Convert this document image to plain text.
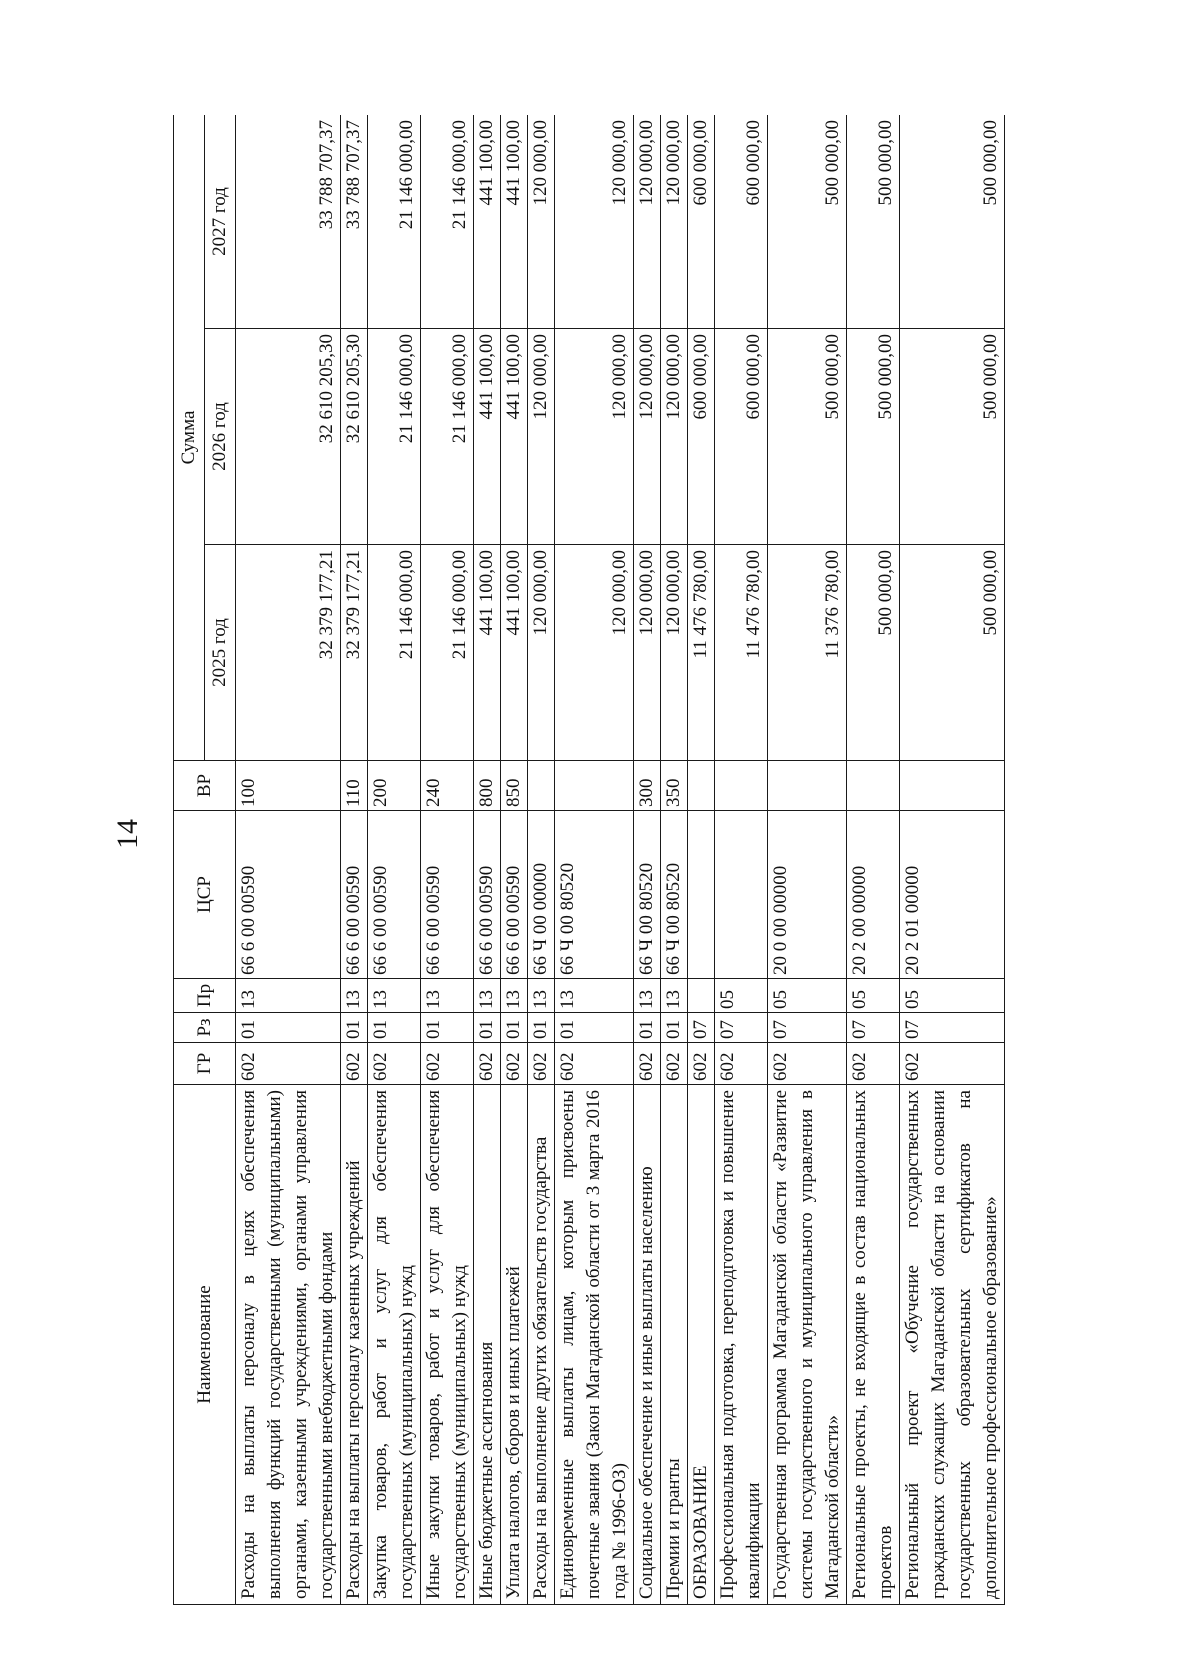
14
Наименование	ГР	Рз	Пр	ЦСР	ВР	Сумма		
						2025 год	2026 год	2027 год
Расходы на выплаты персоналу в целях обеспечения выполнения функций государственными (муниципальными) органами, казенными учреждениями, органами управления государственными внебюджетными фондами	602	01	13	66 6 00 00590	100	32 379 177,21	32 610 205,30	33 788 707,37
Расходы на выплаты персоналу казенных учреждений	602	01	13	66 6 00 00590	110	32 379 177,21	32 610 205,30	33 788 707,37
Закупка товаров, работ и услуг для обеспечения государственных (муниципальных) нужд	602	01	13	66 6 00 00590	200	21 146 000,00	21 146 000,00	21 146 000,00
Иные закупки товаров, работ и услуг для обеспечения государственных (муниципальных) нужд	602	01	13	66 6 00 00590	240	21 146 000,00	21 146 000,00	21 146 000,00
Иные бюджетные ассигнования	602	01	13	66 6 00 00590	800	441 100,00	441 100,00	441 100,00
Уплата налогов, сборов и иных платежей	602	01	13	66 6 00 00590	850	441 100,00	441 100,00	441 100,00
Расходы на выполнение других обязательств государства	602	01	13	66 Ч 00 00000		120 000,00	120 000,00	120 000,00
Единовременные выплаты лицам, которым присвоены почетные звания (Закон Магаданской области от 3 марта 2016 года № 1996-ОЗ)	602	01	13	66 Ч 00 80520		120 000,00	120 000,00	120 000,00
Социальное обеспечение и иные выплаты населению	602	01	13	66 Ч 00 80520	300	120 000,00	120 000,00	120 000,00
Премии и гранты	602	01	13	66 Ч 00 80520	350	120 000,00	120 000,00	120 000,00
ОБРАЗОВАНИЕ	602	07				11 476 780,00	600 000,00	600 000,00
Профессиональная подготовка, переподготовка и повышение квалификации	602	07	05			11 476 780,00	600 000,00	600 000,00
Государственная программа Магаданской области «Развитие системы государственного и муниципального управления в Магаданской области»	602	07	05	20 0 00 00000		11 376 780,00	500 000,00	500 000,00
Региональные проекты, не входящие в состав национальных проектов	602	07	05	20 2 00 00000		500 000,00	500 000,00	500 000,00
Региональный проект «Обучение государственных гражданских служащих Магаданской области на основании государственных образовательных сертификатов на дополнительное профессиональное образование»	602	07	05	20 2 01 00000		500 000,00	500 000,00	500 000,00
